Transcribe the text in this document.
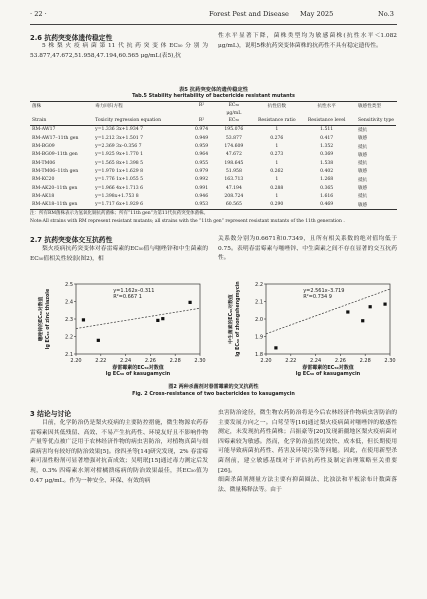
· 22 ·	Forest Pest and Disease May 2025	No.3
2.6 抗药突变体遗传稳定性
5株梨火疫病菌第11代抗药突变体EC₅₀分别为53.877,47.672,51.958,47.194,60.565 μg/mL(表5),抗
性水平显著下降，菌株类型均为敏感菌株(抗性水平＜1.082 μg/mL)，说明5株抗药突变体菌株的抗药性不具有稳定遗传性。
表5 抗药突变体的遗传稳定性
Tab.5 Stability heritability of bactericide resistant mutants
菌株	毒力回归方程	R²	EC₅₀	抗性倍数	抗性水平	敏感性类型
			μg/mL			
Strain	Toxicity regression equation	R²	EC₅₀	Resistance ratio	Resistance level	Sensitivity type
RM-AW17	y=1.336 3x+1.934 7	0.974	195.076	1	1.511	抵抗
RM-AW17–11th gen	y=1.212 3x+1.501 7	0.949	53.877	0.276	0.417	敏感
RM-BG09	y=2.369 3x–0.356 7	0.959	174.609	1	1.352	抵抗
RM-BG09–11th gen	y=1.925 9x+1.770 1	0.964	47.672	0.273	0.369	敏感
RM-TM06	y=1.565 8x+1.398 5	0.955	198.645	1	1.538	抵抗
RM-TM06–11th gen	y=1.970 1x+1.629 8	0.979	51.958	0.262	0.402	敏感
RM-KC20	y=1.776 1x+1.055 5	0.992	163.713	1	1.268	抵抗
RM-AK20–11th gen	y=1.966 4x+1.713 6	0.991	47.194	0.288	0.365	敏感
RM-AK18	y=1.398x+1.753 8	0.946	208.724	1	1.616	抵抗
RM-AK18–11th gen	y=1.717 6x+1.929 6	0.953	60.565	0.290	0.469	敏感
注：所有RM菌株表示为氢氧化铜抗药菌株；所有“11th gen”为第11代抗药突变体菌株。
Note:All strains with RM represent resistant mutants; all strains with the “11th gen” represent resistant mutants of the 11th generation .
2.7 抗药突变体交互抗药性
梨火疫病抗药突变体对春雷霉素的EC₅₀值与噻唑锌和中生菌素的EC₅₀值相关性较弱(图2)，相
关系数分别为0.6671和0.7349，且所有相关系数的绝对值均低于0.75。表明春雷霉素与噻唑锌、中生菌素之间不存在显著的交互抗药性。
2.20	2.22	2.24	2.26	2.28	2.30
2.1
2.2
2.3
2.4
2.5
y=1.162x–0.311
R²=0.667 1
春雷霉素的EC₅₀对数值
lg EC₅₀ of kasugamycin
噻唑锌的EC₅₀对数值 lg EC₅₀ of zinc thiazole
2.20	2.22	2.24	2.26	2.28	2.30
1.8
1.9
2.0
2.1
2.2
y=2.561x–3.719
R²=0.734 9
春雷霉素的EC₅₀对数值
lg EC₅₀ of kasugamycin
中生菌素的EC₅₀对数值 lg EC₅₀ of zhongshengmycin
图2 两种杀菌剂对春雷霉素的交叉抗药性
Fig. 2 Cross-resistance of two bactericides to kasugamycin
3 结论与讨论
目前，化学防治仍是梨火疫病的主要防控措施，微生物源农药春雷霉素因其低残留、高效、不易产生抗药性、环境友好且不影响作物产量等优点被广泛用于农林经济作物的病虫害防治，对植物真菌与细菌病害均有较好的防治效果[5]。徐四圣等[14]研究发现，2% 春雷霉素可湿性粉剂可显著增强对抗苗成效；吴明珉[15]通过毒力测定后发现，0.3% 四霉素水剂对柑橘溃疡病的防治效果最佳，其EC₅₀值为0.47 μg/mL。作为一种安全、环保、有效的病
虫害防治途径，微生物农药防治将是今后农林经济作物病虫害防治的主要发展方向之一。白莺莹等[16]通过梨火疫病菌对噻唑锌的敏感性测定，未发现抗药性菌株；吕振豪等[20]发现新疆地区梨火疫病菌对四霉素较为敏感。然而，化学防治虽然见效快、成本低，但长期使用可能导致病菌抗药性、药害及环境污染等问题。因此，在使用新型杀菌剂前，建立敏感基线对于评估抗药性及制定治理策略至关重要[26]。
细菌杀菌剂测量方法主要有抑菌圈法、比浊法和平板涂布计数菌落法、微量稀释法等。由于
